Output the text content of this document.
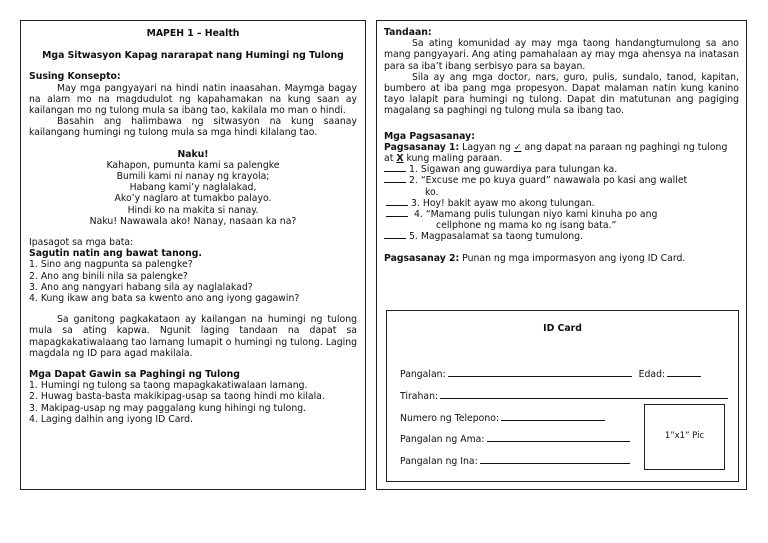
MAPEH 1 – Health

Mga Sitwasyon Kapag nararapat nang Humingi ng Tulong

Susing Konsepto:

May mga pangyayari na hindi natin inaasahan. Maymga bagay na alam mo na magdudulot ng kapahamakan na kung saan ay kailangan mo ng tulong mula sa ibang tao, kakilala mo man o hindi.

Basahin ang halimbawa ng sitwasyon na kung saanay kailangang humingi ng tulong mula sa mga hindi kilalang tao.

Naku!

Kahapon, pumunta kami sa palengke

Bumili kami ni nanay ng krayola;

Habang kami’y naglalakad,

Ako’y naglaro at tumakbo palayo.

Hindi ko na makita si nanay.

Naku! Nawawala ako! Nanay, nasaan ka na?

Ipasagot sa mga bata:

Sagutin natin ang bawat tanong.

1. Sino ang nagpunta sa palengke?

2. Ano ang binili nila sa palengke?

3. Ano ang nangyari habang sila ay naglalakad?

4. Kung ikaw ang bata sa kwento ano ang iyong gagawin?

Sa ganitong pagkakataon ay kailangan na humingi ng tulong mula sa ating kapwa. Ngunit laging tandaan na dapat sa mapagkakatiwalaang tao lamang lumapit o humingi ng tulong. Laging magdala ng ID para agad makilala.

Mga Dapat Gawin sa Paghingi ng Tulong

1. Humingi ng tulong sa taong mapagkakatiwalaan lamang.

2. Huwag basta-basta makikipag-usap sa taong hindi mo kilala.

3. Makipag-usap ng may paggalang kung hihingi ng tulong.

4. Laging dalhin ang iyong ID Card.

Tandaan:

Sa ating komunidad ay may mga taong handangtumulong sa ano mang pangyayari. Ang ating pamahalaan ay may mga ahensya na inatasan para sa iba’t ibang serbisyo para sa bayan.

Sila ay ang mga doctor, nars, guro, pulis, sundalo, tanod, kapitan, bumbero at iba pang mga propesyon. Dapat malaman natin kung kanino tayo lalapit para humingi ng tulong. Dapat din matutunan ang pagiging magalang sa paghingi ng tulong mula sa ibang tao.

Mga Pagsasanay:

Pagsasanay 1: Lagyan ng ✓ ang dapat na paraan ng paghingi ng tulong at X kung maling paraan.

1. Sigawan ang guwardiya para tulungan ka.

2. “Excuse me po kuya guard” nawawala po kasi ang wallet

ko.

3. Hoy! bakit ayaw mo akong tulungan.

4. “Mamang pulis tulungan niyo kami kinuha po ang

cellphone ng mama ko ng isang bata.”

5. Magpasalamat sa taong tumulong.

Pagsasanay 2: Punan ng mga impormasyon ang iyong ID Card.

ID Card
Pangalan:	Edad:
Tirahan:
Numero ng Telepono:
Pangalan ng Ama:
Pangalan ng Ina:
1”x1” Pic
